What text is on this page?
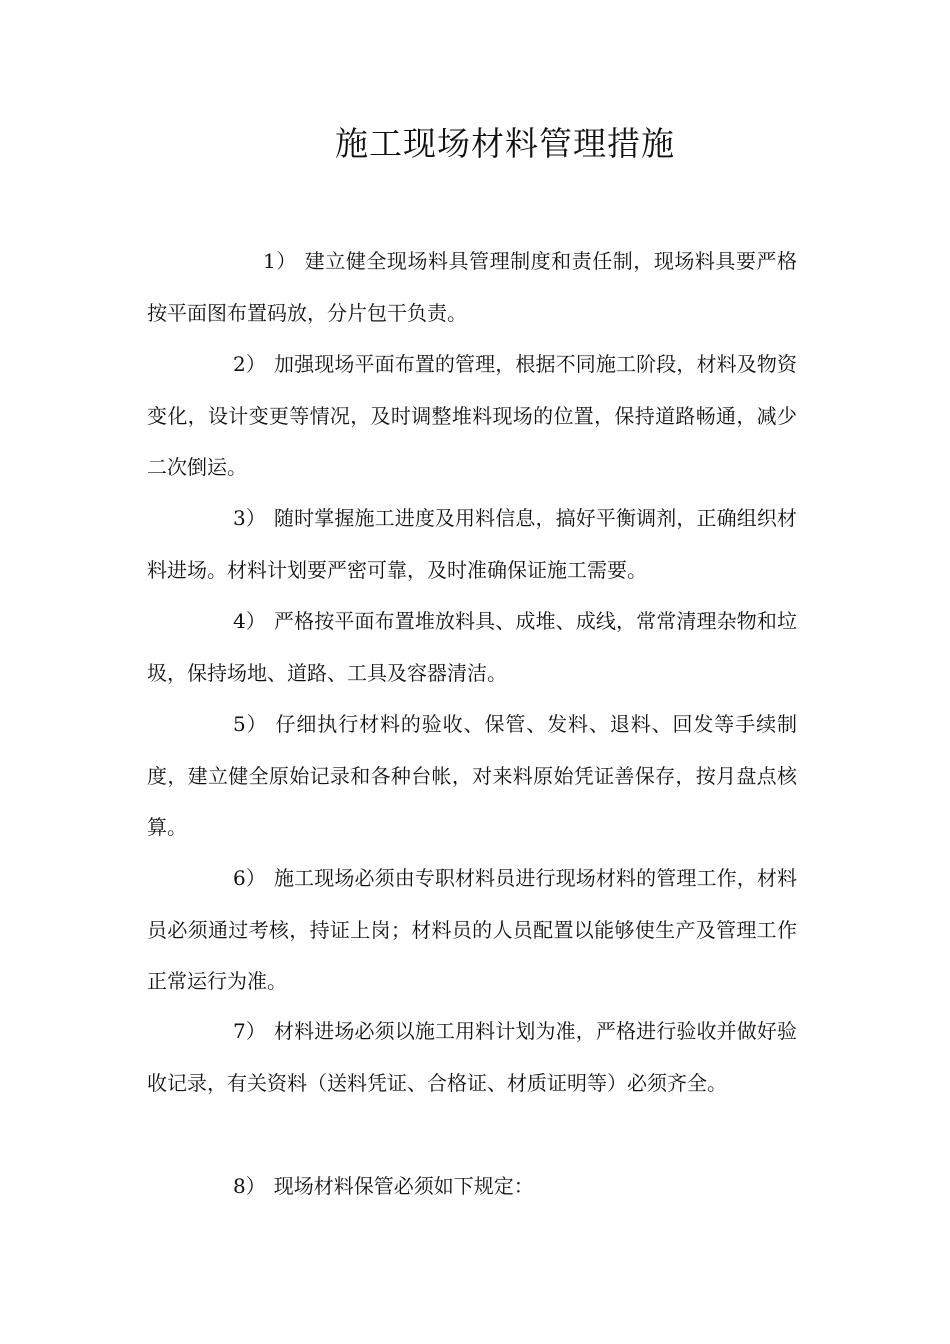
施工现场材料管理措施

1） 建立健全现场料具管理制度和责任制，现场料具要严格按平面图布置码放，分片包干负责。

2） 加强现场平面布置的管理，根据不同施工阶段，材料及物资变化，设计变更等情况，及时调整堆料现场的位置，保持道路畅通，减少二次倒运。

3） 随时掌握施工进度及用料信息，搞好平衡调剂，正确组织材料进场。材料计划要严密可靠，及时准确保证施工需要。

4） 严格按平面布置堆放料具、成堆、成线，常常清理杂物和垃圾，保持场地、道路、工具及容器清洁。

5） 仔细执行材料的验收、保管、发料、退料、回发等手续制度，建立健全原始记录和各种台帐，对来料原始凭证善保存，按月盘点核算。

6） 施工现场必须由专职材料员进行现场材料的管理工作，材料员必须通过考核，持证上岗；材料员的人员配置以能够使生产及管理工作正常运行为准。

7） 材料进场必须以施工用料计划为准，严格进行验收并做好验收记录，有关资料（送料凭证、合格证、材质证明等）必须齐全。

8） 现场材料保管必须如下规定：
